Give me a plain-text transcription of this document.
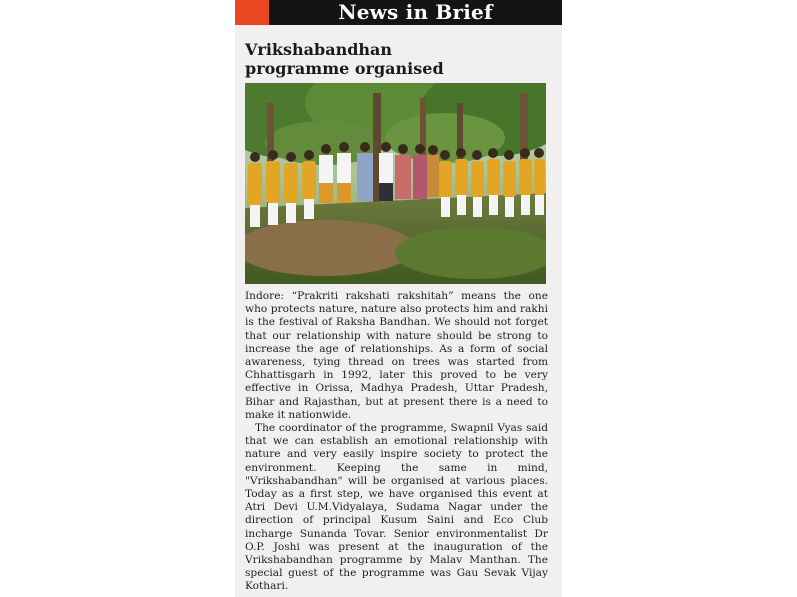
News in Brief
Vrikshabandhan
programme organised

Indore: “Prakriti rakshati rakshitah” means the one who protects nature, nature also protects him and rakhi is the festival of Raksha Bandhan. We should not forget that our relationship with nature should be strong to increase the age of relationships. As a form of social awareness, tying thread on trees was started from Chhattisgarh in 1992, later this proved to be very effective in Orissa, Madhya Pradesh, Uttar Pradesh, Bihar and Rajasthan, but at present there is a need to make it nationwide.

The coordinator of the programme, Swapnil Vyas said that we can establish an emotional relationship with nature and very easily inspire society to protect the environment. Keeping the same in mind, "Vrikshabandhan" will be organised at various places. Today as a first step, we have organised this event at Atri Devi U.M.Vidyalaya, Sudama Nagar under the direction of principal Kusum Saini and Eco Club incharge Sunanda Tovar. Senior environmentalist Dr O.P. Joshi was present at the inauguration of the Vrikshabandhan programme by Malav Manthan. The special guest of the programme was Gau Sevak Vijay Kothari.
